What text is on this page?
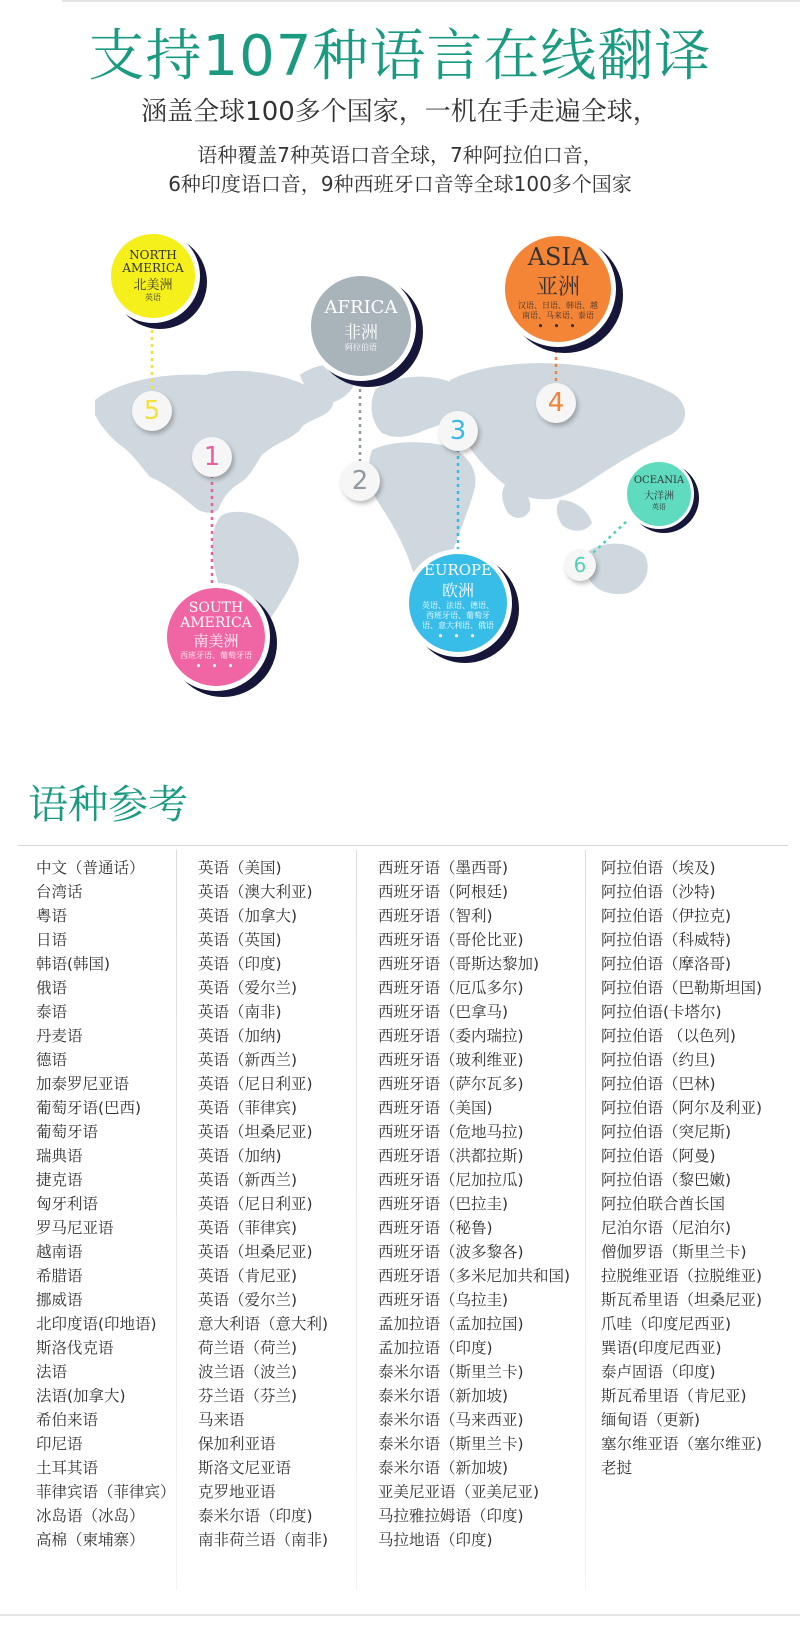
支持107种语言在线翻译
涵盖全球100多个国家，一机在手走遍全球，
语种覆盖7种英语口音全球，7种阿拉伯口音，
6种印度语口音，9种西班牙口音等全球100多个国家
NORTH
AMERICA
北美洲
英语	AFRICA
非洲
阿拉伯语
ASIA
亚洲
汉语、日语、韩语、越南语、马来语、泰语
• • •
SOUTH
AMERICA
南美洲
西班牙语、葡萄牙语
• • •
EUROPE
欧洲
英语、法语、德语、西班牙语、葡萄牙语、意大利语、俄语
• • •
OCEANIA
大洋洲
英语
5
2
4
1
3
6
语种参考
中文（普通话）
台湾话
粤语
日语
韩语(韩国)
俄语
泰语
丹麦语
德语
加泰罗尼亚语
葡萄牙语(巴西)
葡萄牙语
瑞典语
捷克语
匈牙利语
罗马尼亚语
越南语
希腊语
挪威语
北印度语(印地语)
斯洛伐克语
法语
法语(加拿大)
希伯来语
印尼语
土耳其语
菲律宾语（菲律宾）
冰岛语（冰岛）
高棉（柬埔寨）
英语（美国)
英语（澳大利亚)
英语（加拿大)
英语（英国)
英语（印度)
英语（爱尔兰)
英语（南非)
英语（加纳)
英语（新西兰)
英语（尼日利亚)
英语（菲律宾)
英语（坦桑尼亚)
英语（加纳)
英语（新西兰)
英语（尼日利亚)
英语（菲律宾)
英语（坦桑尼亚)
英语（肯尼亚)
英语（爱尔兰)
意大利语（意大利)
荷兰语（荷兰)
波兰语（波兰)
芬兰语（芬兰)
马来语
保加利亚语
斯洛文尼亚语
克罗地亚语
泰米尔语（印度)
南非荷兰语（南非)
西班牙语（墨西哥)
西班牙语（阿根廷)
西班牙语（智利)
西班牙语（哥伦比亚)
西班牙语（哥斯达黎加)
西班牙语（厄瓜多尔)
西班牙语（巴拿马)
西班牙语（委内瑞拉)
西班牙语（玻利维亚)
西班牙语（萨尔瓦多)
西班牙语（美国)
西班牙语（危地马拉)
西班牙语（洪都拉斯)
西班牙语（尼加拉瓜)
西班牙语（巴拉圭)
西班牙语（秘鲁)
西班牙语（波多黎各)
西班牙语（多米尼加共和国)
西班牙语（乌拉圭)
孟加拉语（孟加拉国)
孟加拉语（印度)
泰米尔语（斯里兰卡)
泰米尔语（新加坡)
泰米尔语（马来西亚)
泰米尔语（斯里兰卡)
泰米尔语（新加坡)
亚美尼亚语（亚美尼亚)
马拉雅拉姆语（印度)
马拉地语（印度)
阿拉伯语（埃及)
阿拉伯语（沙特)
阿拉伯语（伊拉克)
阿拉伯语（科威特)
阿拉伯语（摩洛哥)
阿拉伯语（巴勒斯坦国)
阿拉伯语(卡塔尔)
阿拉伯语 （以色列)
阿拉伯语（约旦)
阿拉伯语（巴林)
阿拉伯语（阿尔及利亚)
阿拉伯语（突尼斯)
阿拉伯语（阿曼)
阿拉伯语（黎巴嫩)
阿拉伯联合酋长国
尼泊尔语（尼泊尔)
僧伽罗语（斯里兰卡)
拉脱维亚语（拉脱维亚)
斯瓦希里语（坦桑尼亚)
爪哇（印度尼西亚)
巽语(印度尼西亚)
泰卢固语（印度)
斯瓦希里语（肯尼亚)
缅甸语（更新)
塞尔维亚语（塞尔维亚)
老挝
